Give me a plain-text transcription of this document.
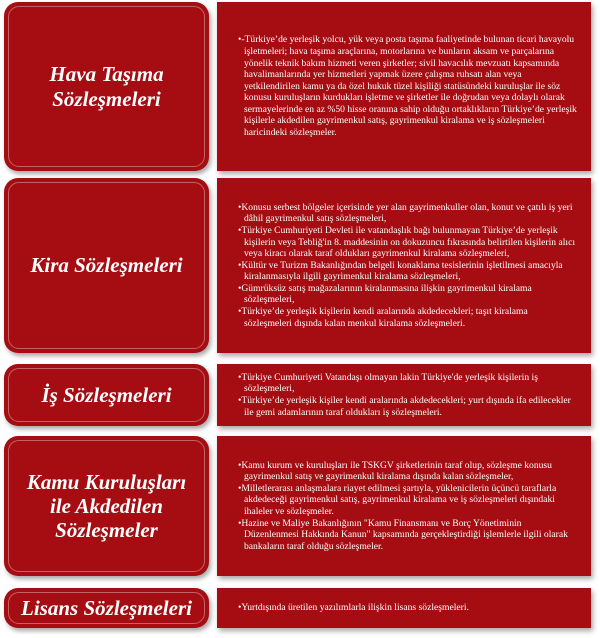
Hava Taşıma
Sözleşmeleri
• -Türkiye’de yerleşik yolcu, yük veya posta taşıma faaliyetinde bulunan ticari havayolu işletmeleri; hava taşıma araçlarına, motorlarına ve bunların aksam ve parçalarına yönelik teknik bakım hizmeti veren şirketler; sivil havacılık mevzuatı kapsamında havalimanlarında yer hizmetleri yapmak üzere çalışma ruhsatı alan veya yetkilendirilen kamu ya da özel hukuk tüzel kişiliği statüsündeki kuruluşlar ile söz konusu kuruluşların kurdukları işletme ve şirketler ile doğrudan veya dolaylı olarak sermayelerinde en az %50 hisse oranına sahip olduğu ortaklıkların Türkiye’de yerleşik kişilerle akdedilen gayrimenkul satış, gayrimenkul kiralama ve iş sözleşmeleri haricindeki sözleşmeler.
Kira Sözleşmeleri
• Konusu serbest bölgeler içerisinde yer alan gayrimenkuller olan, konut ve çatılı iş yeri dâhil gayrimenkul satış sözleşmeleri,
• Türkiye Cumhuriyeti Devleti ile vatandaşlık bağı bulunmayan Türkiye’de yerleşik kişilerin veya Tebliğ'in 8. maddesinin on dokuzuncu fıkrasında belirtilen kişilerin alıcı veya kiracı olarak taraf oldukları gayrimenkul kiralama sözleşmeleri,
• Kültür ve Turizm Bakanlığından belgeli konaklama tesislerinin işletilmesi amacıyla kiralanmasıyla ilgili gayrimenkul kiralama sözleşmeleri,
• Gümrüksüz satış mağazalarının kiralanmasına ilişkin gayrimenkul kiralama sözleşmeleri,
• Türkiye’de yerleşik kişilerin kendi aralarında akdedecekleri; taşıt kiralama sözleşmeleri dışında kalan menkul kiralama sözleşmeleri.
İş Sözleşmeleri
• Türkiye Cumhuriyeti Vatandaşı olmayan lakin Türkiye'de yerleşik kişilerin iş sözleşmeleri,
• Türkiye’de yerleşik kişiler kendi aralarında akdedecekleri; yurt dışında ifa edilecekler ile gemi adamlarının taraf oldukları iş sözleşmeleri.
Kamu Kuruluşları
ile Akdedilen
Sözleşmeler
• Kamu kurum ve kuruluşları ile TSKGV şirketlerinin taraf olup, sözleşme konusu gayrimenkul satış ve gayrimenkul kiralama dışında kalan sözleşmeler,
• Milletlerarası anlaşmalara riayet edilmesi şartıyla, yüklenicilerin üçüncü taraflarla akdedeceği gayrimenkul satış, gayrimenkul kiralama ve iş sözleşmeleri dışındaki ihaleler ve sözleşmeler.
• Hazine ve Maliye Bakanlığının "Kamu Finansmanı ve Borç Yönetiminin Düzenlenmesi Hakkında Kanun" kapsamında gerçekleştirdiği işlemlerle ilgili olarak bankaların taraf olduğu sözleşmeler.
Lisans Sözleşmeleri	• Yurtdışında üretilen yazılımlarla ilişkin lisans sözleşmeleri.
